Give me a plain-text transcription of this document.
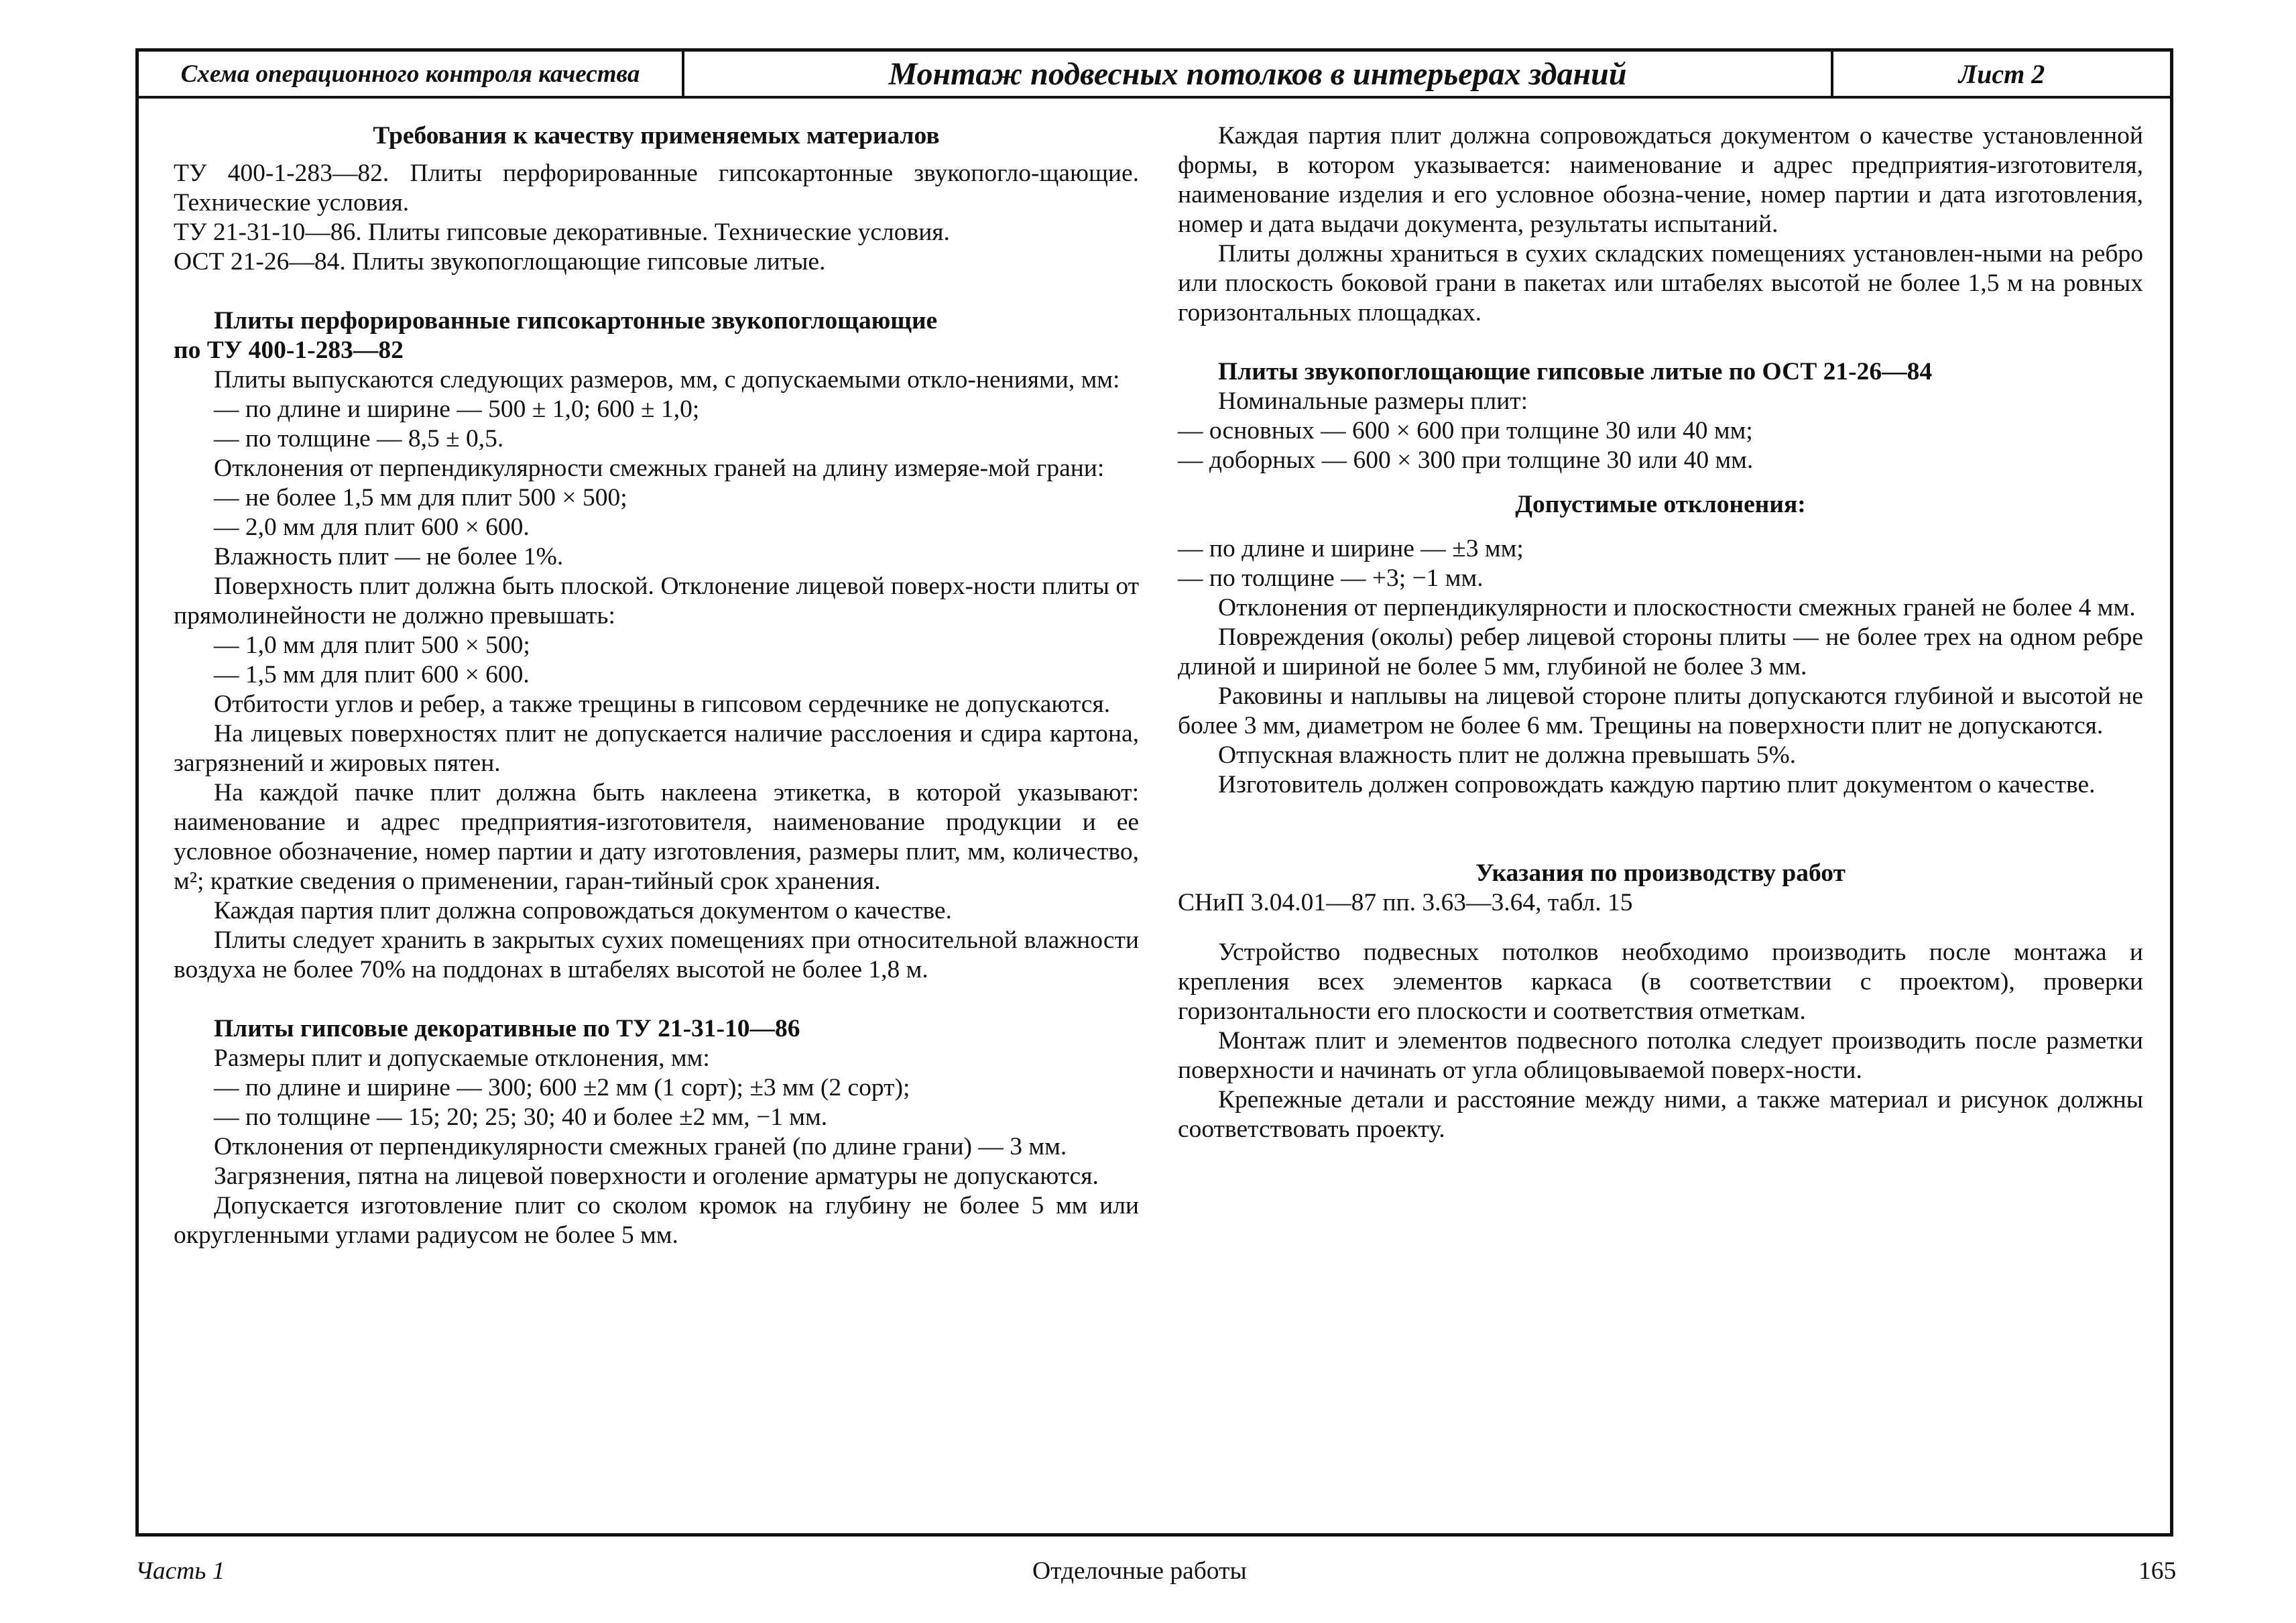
Схема операционного контроля качества	Монтаж подвесных потолков в интерьерах зданий	Лист 2
Требования к качеству применяемых материалов

ТУ 400-1-283—82. Плиты перфорированные гипсокартонные звукопогло-щающие. Технические условия.

ТУ 21-31-10—86. Плиты гипсовые декоративные. Технические условия.

ОСТ 21-26—84. Плиты звукопоглощающие гипсовые литые.

Плиты перфорированные гипсокартонные звукопоглощающие
по ТУ 400-1-283—82

Плиты выпускаются следующих размеров, мм, с допускаемыми откло-нениями, мм:

— по длине и ширине — 500 ± 1,0; 600 ± 1,0;

— по толщине — 8,5 ± 0,5.

Отклонения от перпендикулярности смежных граней на длину измеряе-мой грани:

— не более 1,5 мм для плит 500 × 500;

— 2,0 мм для плит 600 × 600.

Влажность плит — не более 1%.

Поверхность плит должна быть плоской. Отклонение лицевой поверх-ности плиты от прямолинейности не должно превышать:

— 1,0 мм для плит 500 × 500;

— 1,5 мм для плит 600 × 600.

Отбитости углов и ребер, а также трещины в гипсовом сердечнике не допускаются.

На лицевых поверхностях плит не допускается наличие расслоения и сдира картона, загрязнений и жировых пятен.

На каждой пачке плит должна быть наклеена этикетка, в которой указывают: наименование и адрес предприятия-изготовителя, наименование продукции и ее условное обозначение, номер партии и дату изготовления, размеры плит, мм, количество, м²; краткие сведения о применении, гаран-тийный срок хранения.

Каждая партия плит должна сопровождаться документом о качестве.

Плиты следует хранить в закрытых сухих помещениях при относительной влажности воздуха не более 70% на поддонах в штабелях высотой не более 1,8 м.

Плиты гипсовые декоративные по ТУ 21-31-10—86

Размеры плит и допускаемые отклонения, мм:

— по длине и ширине — 300; 600 ±2 мм (1 сорт); ±3 мм (2 сорт);

— по толщине — 15; 20; 25; 30; 40 и более ±2 мм, −1 мм.

Отклонения от перпендикулярности смежных граней (по длине грани) — 3 мм.

Загрязнения, пятна на лицевой поверхности и оголение арматуры не допускаются.

Допускается изготовление плит со сколом кромок на глубину не более 5 мм или округленными углами радиусом не более 5 мм.

Каждая партия плит должна сопровождаться документом о качестве установленной формы, в котором указывается: наименование и адрес предприятия-изготовителя, наименование изделия и его условное обозна-чение, номер партии и дата изготовления, номер и дата выдачи документа, результаты испытаний.

Плиты должны храниться в сухих складских помещениях установлен-ными на ребро или плоскость боковой грани в пакетах или штабелях высотой не более 1,5 м на ровных горизонтальных площадках.

Плиты звукопоглощающие гипсовые литые по ОСТ 21-26—84

Номинальные размеры плит:

— основных — 600 × 600 при толщине 30 или 40 мм;

— доборных — 600 × 300 при толщине 30 или 40 мм.

Допустимые отклонения:

— по длине и ширине — ±3 мм;

— по толщине — +3; −1 мм.

Отклонения от перпендикулярности и плоскостности смежных граней не более 4 мм.

Повреждения (околы) ребер лицевой стороны плиты — не более трех на одном ребре длиной и шириной не более 5 мм, глубиной не более 3 мм.

Раковины и наплывы на лицевой стороне плиты допускаются глубиной и высотой не более 3 мм, диаметром не более 6 мм. Трещины на поверхности плит не допускаются.

Отпускная влажность плит не должна превышать 5%.

Изготовитель должен сопровождать каждую партию плит документом о качестве.

Указания по производству работ

СНиП 3.04.01—87 пп. 3.63—3.64, табл. 15

Устройство подвесных потолков необходимо производить после монтажа и крепления всех элементов каркаса (в соответствии с проектом), проверки горизонтальности его плоскости и соответствия отметкам.

Монтаж плит и элементов подвесного потолка следует производить после разметки поверхности и начинать от угла облицовываемой поверх-ности.

Крепежные детали и расстояние между ними, а также материал и рисунок должны соответствовать проекту.

Часть 1	Отделочные работы	165
